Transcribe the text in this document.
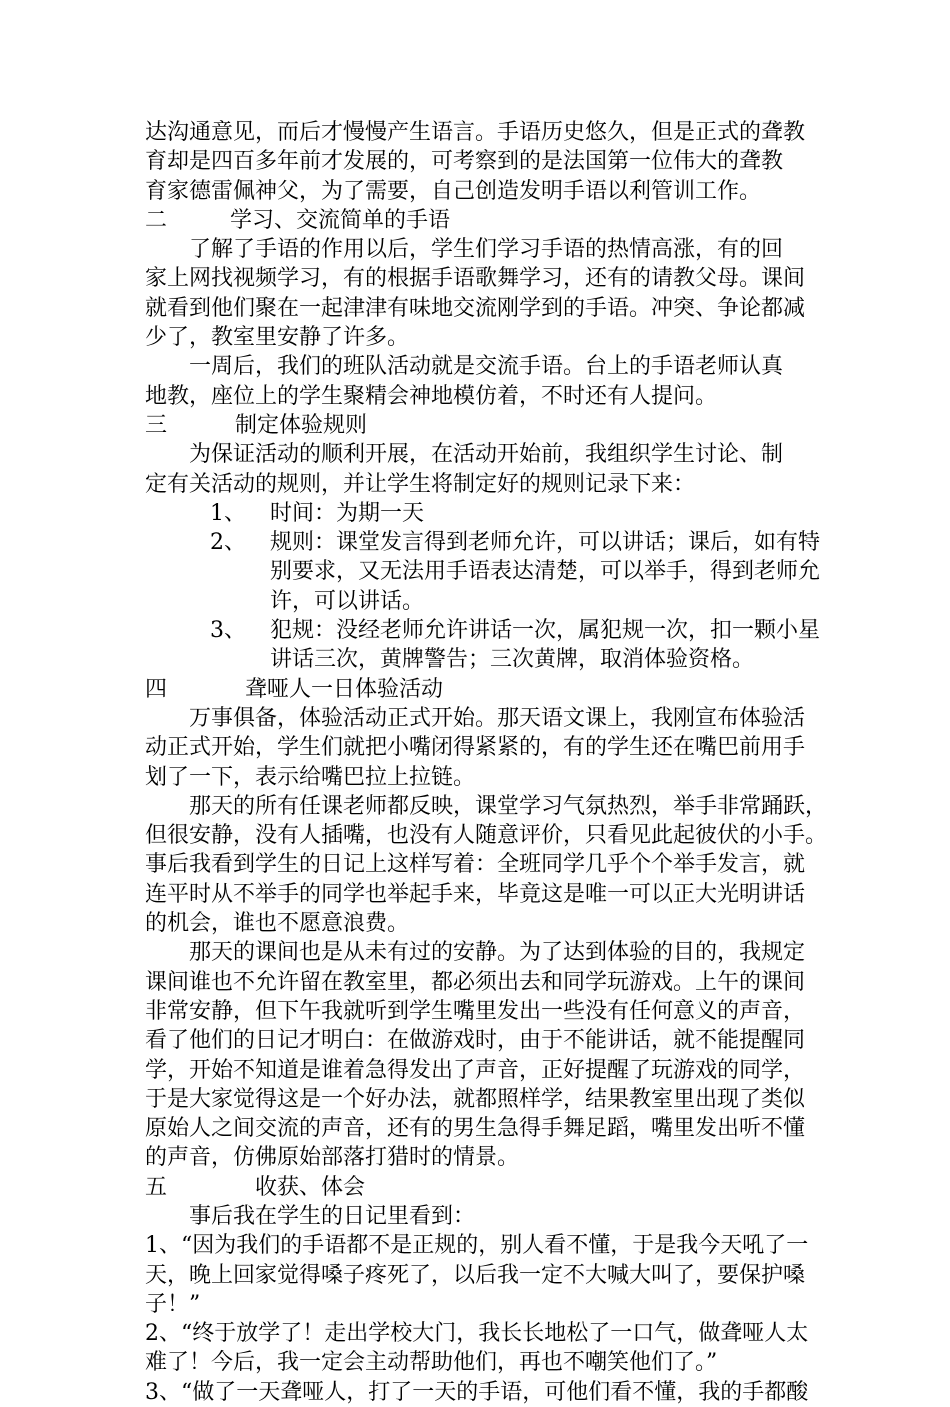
达沟通意见，而后才慢慢产生语言。手语历史悠久，但是正式的聋教
育却是四百多年前才发展的，可考察到的是法国第一位伟大的聋教
育家德雷佩神父，为了需要，自己创造发明手语以利管训工作。
二	学习、交流简单的手语
　　了解了手语的作用以后，学生们学习手语的热情高涨，有的回
家上网找视频学习，有的根据手语歌舞学习，还有的请教父母。课间
就看到他们聚在一起津津有味地交流刚学到的手语。冲突、争论都减
少了，教室里安静了许多。
　　一周后，我们的班队活动就是交流手语。台上的手语老师认真
地教，座位上的学生聚精会神地模仿着，不时还有人提问。
三	制定体验规则
　　为保证活动的顺利开展，在活动开始前，我组织学生讨论、制
定有关活动的规则，并让学生将制定好的规则记录下来：
1、	时间：为期一天
2、	规则：课堂发言得到老师允许，可以讲话；课后，如有特
别要求，又无法用手语表达清楚，可以举手，得到老师允
许，可以讲话。
3、	犯规：没经老师允许讲话一次，属犯规一次，扣一颗小星
讲话三次，黄牌警告；三次黄牌，取消体验资格。
四	聋哑人一日体验活动
　　万事俱备，体验活动正式开始。那天语文课上，我刚宣布体验活
动正式开始，学生们就把小嘴闭得紧紧的，有的学生还在嘴巴前用手
划了一下，表示给嘴巴拉上拉链。
　　那天的所有任课老师都反映，课堂学习气氛热烈，举手非常踊跃，
但很安静，没有人插嘴，也没有人随意评价，只看见此起彼伏的小手。
事后我看到学生的日记上这样写着：全班同学几乎个个举手发言，就
连平时从不举手的同学也举起手来，毕竟这是唯一可以正大光明讲话
的机会，谁也不愿意浪费。
　　那天的课间也是从未有过的安静。为了达到体验的目的，我规定
课间谁也不允许留在教室里，都必须出去和同学玩游戏。上午的课间
非常安静，但下午我就听到学生嘴里发出一些没有任何意义的声音，
看了他们的日记才明白：在做游戏时，由于不能讲话，就不能提醒同
学，开始不知道是谁着急得发出了声音，正好提醒了玩游戏的同学，
于是大家觉得这是一个好办法，就都照样学，结果教室里出现了类似
原始人之间交流的声音，还有的男生急得手舞足蹈，嘴里发出听不懂
的声音，仿佛原始部落打猎时的情景。
五	收获、体会
　　事后我在学生的日记里看到：
1、“因为我们的手语都不是正规的，别人看不懂，于是我今天吼了一
天，晚上回家觉得嗓子疼死了，以后我一定不大喊大叫了，要保护嗓
子！”
2、“终于放学了！走出学校大门，我长长地松了一口气，做聋哑人太
难了！今后，我一定会主动帮助他们，再也不嘲笑他们了。”
3、“做了一天聋哑人，打了一天的手语，可他们看不懂，我的手都酸
